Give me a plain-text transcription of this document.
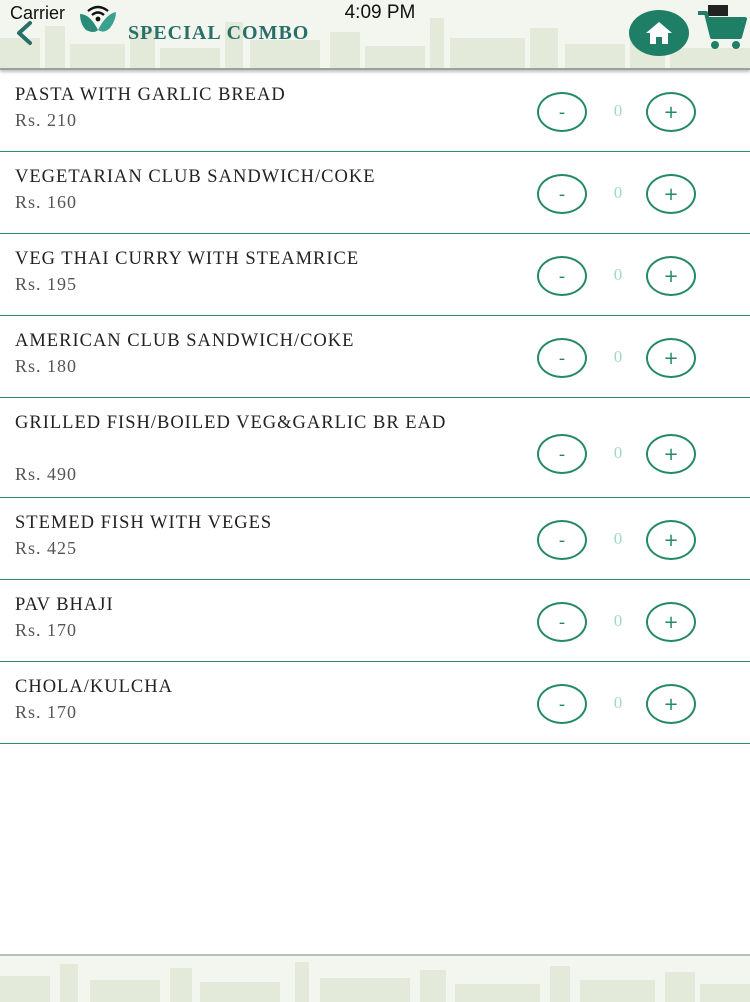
Carrier	4:09 PM
SPECIAL COMBO
PASTA WITH GARLIC BREAD
Rs. 210	-	0	+
VEGETARIAN CLUB SANDWICH/COKE
Rs. 160	-	0	+
VEG THAI CURRY WITH STEAMRICE
Rs. 195	-	0	+
AMERICAN CLUB SANDWICH/COKE
Rs. 180	-	0	+
GRILLED FISH/BOILED VEG&GARLIC BR EAD
Rs. 490
-	0	+
STEMED FISH WITH VEGES
Rs. 425	-	0	+
PAV BHAJI
Rs. 170	-	0	+
CHOLA/KULCHA
Rs. 170	-	0	+
